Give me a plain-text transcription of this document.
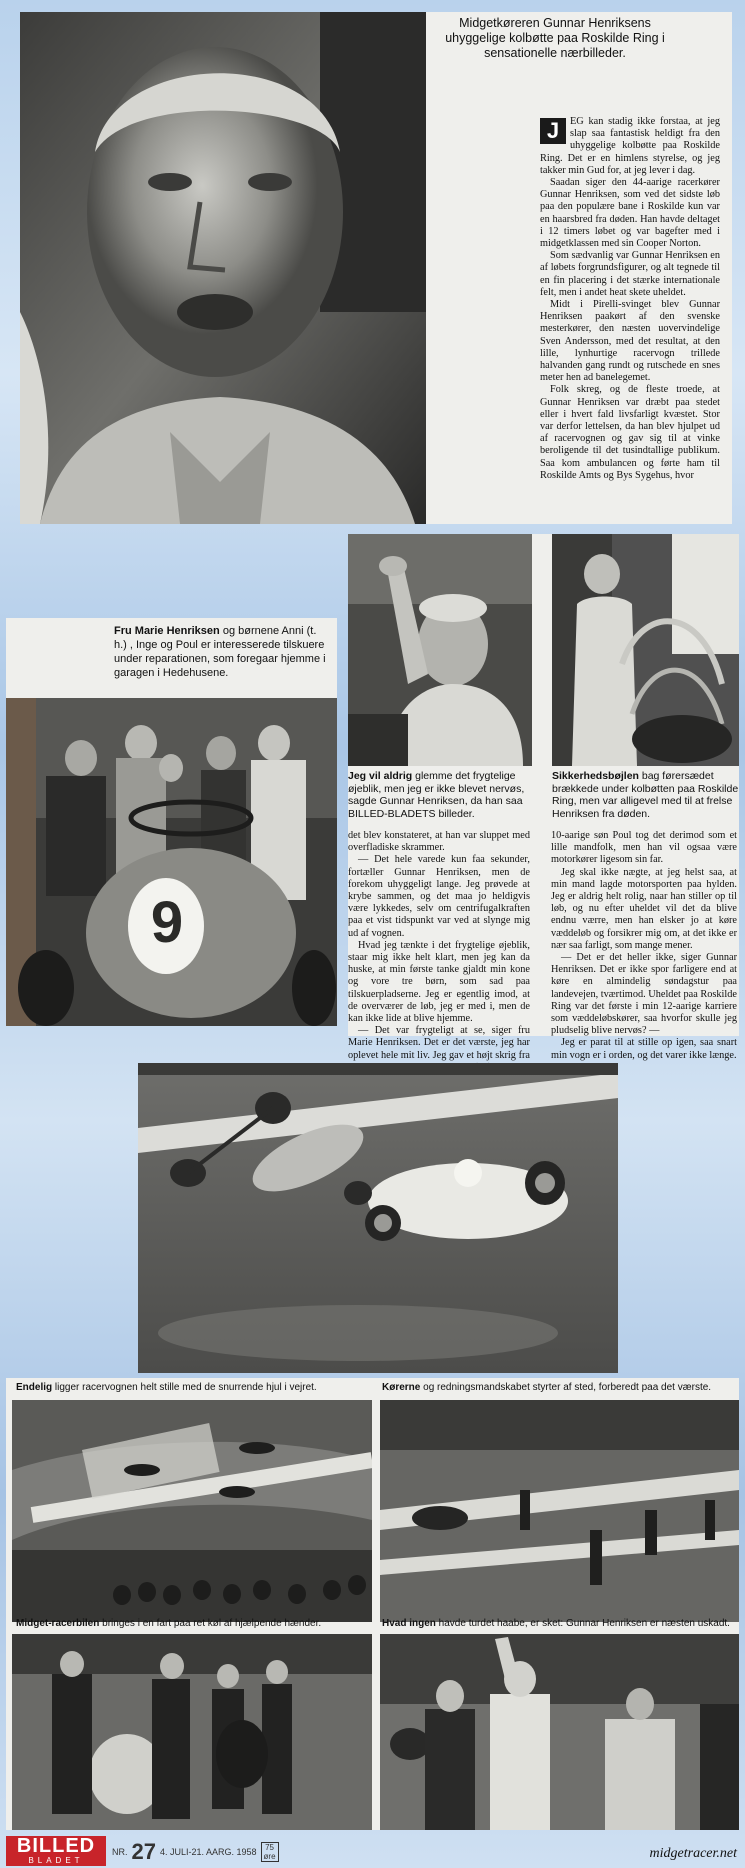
Midgetkøreren Gunnar Henriksens uhyggelige kolbøtte paa Roskilde Ring i sensationelle nærbilleder.
J	EG kan stadig ikke forstaa, at jeg slap saa fantastisk heldigt fra den uhyggelige kolbøtte paa Roskilde Ring. Det er en himlens styrelse, og jeg takker min Gud for, at jeg lever i dag.

Saadan siger den 44-aarige racerkører Gunnar Henriksen, som ved det sidste løb paa den populære bane i Roskilde kun var en haarsbred fra døden. Han havde deltaget i 12 timers løbet og var bagefter med i midgetklassen med sin Cooper Norton.

Som sædvanlig var Gunnar Henriksen en af løbets forgrundsfigurer, og alt tegnede til en fin placering i det stærke internationale felt, men i andet heat skete uheldet.

Midt i Pirelli-svinget blev Gunnar Henriksen paakørt af den svenske mesterkører, den næsten uovervindelige Sven Andersson, med det resultat, at den lille, lynhurtige racervogn trillede halvanden gang rundt og rutschede en snes meter hen ad banelegemet.

Folk skreg, og de fleste troede, at Gunnar Henriksen var dræbt paa stedet eller i hvert fald livsfarligt kvæstet. Stor var derfor lettelsen, da han blev hjulpet ud af racervognen og gav sig til at vinke beroligende til det tusindtallige publikum. Saa kom ambulancen og førte ham til Roskilde Amts og Bys Sygehus, hvor

Fru Marie Henriksen og børnene Anni (t. h.) , Inge og Poul er interesserede tilskuere under reparationen, som foregaar hjemme i garagen i Hedehusene.
9
Jeg vil aldrig glemme det frygtelige øjeblik, men jeg er ikke blevet nervøs, sagde Gunnar Henriksen, da han saa BILLED-BLADETS billeder.
Sikkerhedsbøjlen bag førersædet brækkede under kolbøtten paa Roskilde Ring, men var alligevel med til at frelse Henriksen fra døden.

det blev konstateret, at han var sluppet med overfladiske skrammer.

— Det hele varede kun faa sekunder, fortæller Gunnar Henriksen, men de forekom uhyggeligt lange. Jeg prøvede at krybe sammen, og det maa jo heldigvis være lykkedes, selv om centrifugalkraften paa et vist tidspunkt var ved at slynge mig ud af vognen.

Hvad jeg tænkte i det frygtelige øjeblik, staar mig ikke helt klart, men jeg kan da huske, at min første tanke gjaldt min kone og vore tre børn, som sad paa tilskuerpladserne. Jeg er egentlig imod, at de overværer de løb, jeg er med i, men de kan ikke lide at blive hjemme.

— Det var frygteligt at se, siger fru Marie Henriksen. Det er det værste, jeg har oplevet hele mit liv. Jeg gav et højt skrig fra

10-aarige søn Poul tog det derimod som et lille mandfolk, men han vil ogsaa være motorkører ligesom sin far.

Jeg skal ikke nægte, at jeg helst saa, at min mand lagde motorsporten paa hylden. Jeg er aldrig helt rolig, naar han stiller op til løb, og nu efter uheldet vil det da blive endnu værre, men han elsker jo at køre væddeløb og forsikrer mig om, at det ikke er nær saa farligt, som mange mener.

— Det er det heller ikke, siger Gunnar Henriksen. Det er ikke spor farligere end at køre en almindelig søndagstur paa landevejen, tværtimod. Uheldet paa Roskilde Ring var det første i min 12-aarige karriere som væddeløbskører, saa hvorfor skulle jeg pludselig blive nervøs? —

Jeg er parat til at stille op igen, saa snart min vogn er i orden, og det varer ikke længe.

Endelig ligger racervognen helt stille med de snurrende hjul i vejret.	Kørerne og redningsmandskabet styrter af sted, forberedt paa det værste.
Midget-racerbilen bringes i en fart paa ret køl af hjælpende hænder.	Hvad ingen havde turdet haabe, er sket: Gunnar Henriksen er næsten uskadt.
BILLED
BLADET
NR. 27 4. JULI-21. AARG. 1958 75
øre	midgetracer.net
